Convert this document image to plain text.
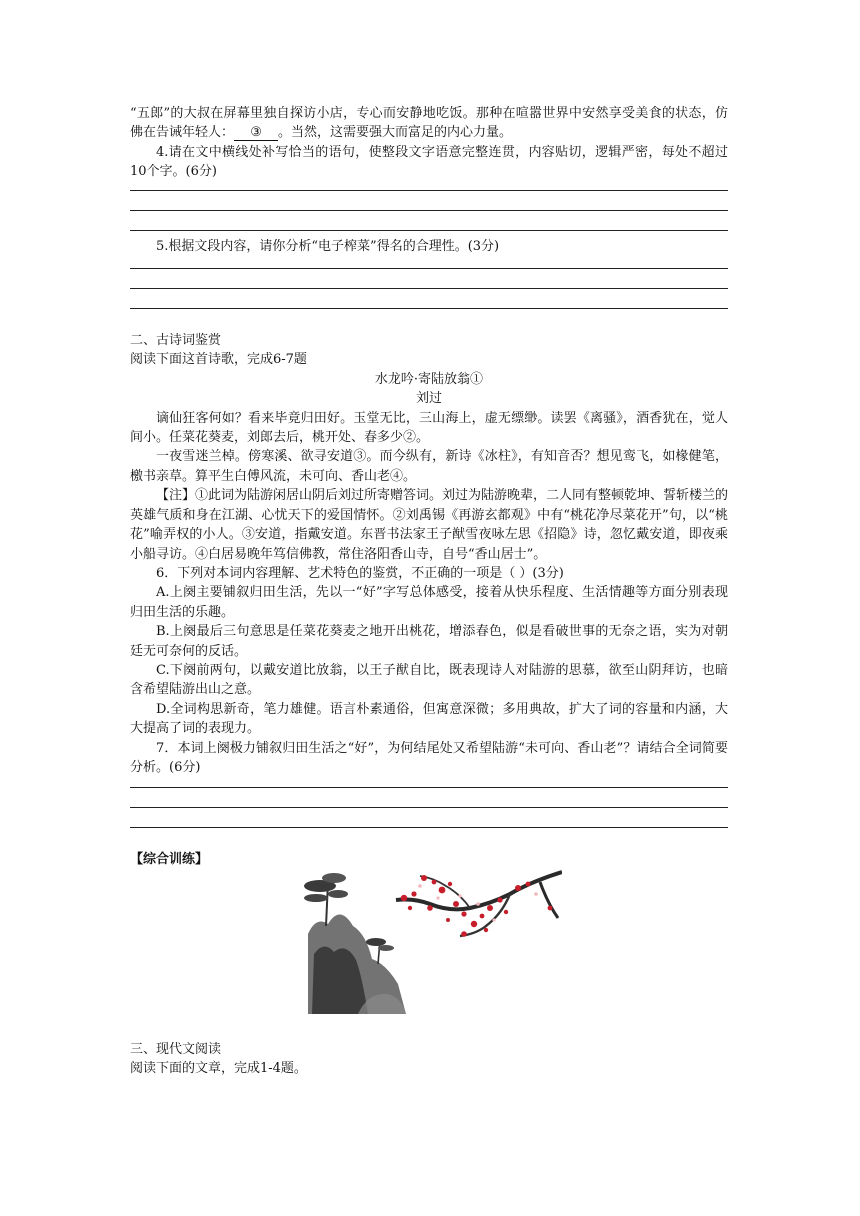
“五郎”的大叔在屏幕里独自探访小店，专心而安静地吃饭。那种在喧嚣世界中安然享受美食的状态，仿佛在告诫年轻人： ③ 。当然，这需要强大而富足的内心力量。

4.请在文中横线处补写恰当的语句，使整段文字语意完整连贯，内容贴切，逻辑严密，每处不超过10个字。(6分)

5.根据文段内容，请你分析“电子榨菜”得名的合理性。(3分)

二、古诗词鉴赏

阅读下面这首诗歌，完成6-7题

水龙吟·寄陆放翁①

刘过

谪仙狂客何如？看来毕竟归田好。玉堂无比，三山海上，虚无缥缈。读罢《离骚》，酒香犹在，觉人间小。任菜花葵麦，刘郎去后，桃开处、春多少②。

一夜雪迷兰棹。傍寒溪、欲寻安道③。而今纵有，新诗《冰柱》，有知音否？想见鸾飞，如椽健笔，檄书亲草。算平生白傅风流，未可向、香山老④。

【注】①此词为陆游闲居山阴后刘过所寄赠答词。刘过为陆游晚辈，二人同有整顿乾坤、誓斩楼兰的英雄气质和身在江湖、心忧天下的爱国情怀。②刘禹锡《再游玄都观》中有“桃花净尽菜花开”句，以“桃花”喻弄权的小人。③安道，指戴安道。东晋书法家王子猷雪夜咏左思《招隐》诗，忽忆戴安道，即夜乘小船寻访。④白居易晚年笃信佛教，常住洛阳香山寺，自号“香山居士”。

6．下列对本词内容理解、艺术特色的鉴赏，不正确的一项是（ ）(3分)

A.上阕主要铺叙归田生活，先以一“好”字写总体感受，接着从快乐程度、生活情趣等方面分别表现归田生活的乐趣。

B.上阕最后三句意思是任菜花葵麦之地开出桃花，增添春色，似是看破世事的无奈之语，实为对朝廷无可奈何的反话。

C.下阕前两句，以戴安道比放翁，以王子猷自比，既表现诗人对陆游的思慕，欲至山阴拜访，也暗含希望陆游出山之意。

D.全词构思新奇，笔力雄健。语言朴素通俗，但寓意深微；多用典故，扩大了词的容量和内涵，大大提高了词的表现力。

7．本词上阕极力铺叙归田生活之“好”，为何结尾处又希望陆游“未可向、香山老”？请结合全词简要分析。(6分)

【综合训练】

三、现代文阅读

阅读下面的文章，完成1-4题。
